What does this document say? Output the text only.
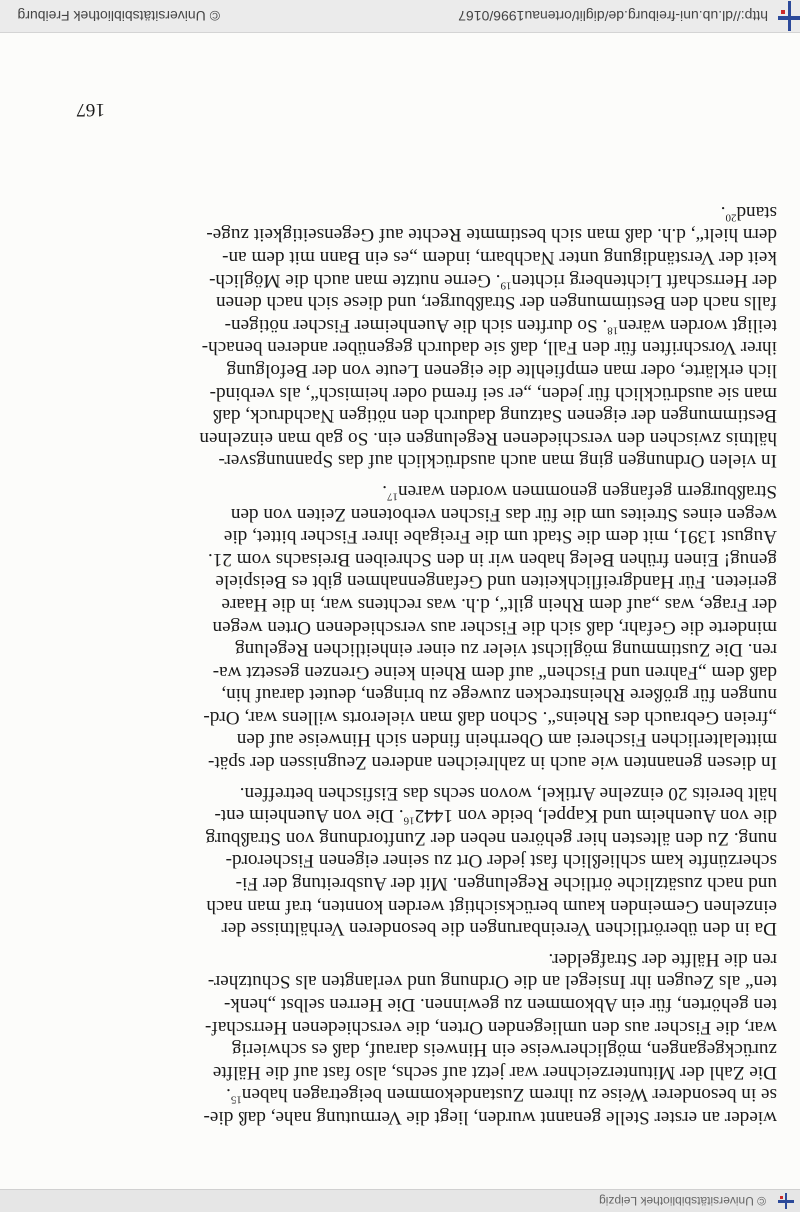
© Universitätsbibliothek Leipzig

wieder an erster Stelle genannt wurden, liegt die Vermutung nahe, daß die-
se in besonderer Weise zu ihrem Zustandekommen beigetragen haben$^{15}$.
Die Zahl der Mitunterzeichner war jetzt auf sechs, also fast auf die Hälfte
zurückgegangen, möglicherweise ein Hinweis darauf, daß es schwierig
war, die Fischer aus den umliegenden Orten, die verschiedenen Herrschaf-
ten gehörten, für ein Abkommen zu gewinnen. Die Herren selbst „henk-
ten“ als Zeugen ihr Insiegel an die Ordnung und verlangten als Schutzher-
ren die Hälfte der Strafgelder.

Da in den überörtlichen Vereinbarungen die besonderen Verhältnisse der
einzelnen Gemeinden kaum berücksichtigt werden konnten, traf man nach
und nach zusätzliche örtliche Regelungen. Mit der Ausbreitung der Fi-
scherzünfte kam schließlich fast jeder Ort zu seiner eigenen Fischerord-
nung. Zu den ältesten hier gehören neben der Zunftordnung von Straßburg
die von Auenheim und Kappel, beide von 1442$^{16}$. Die von Auenheim ent-
hält bereits 20 einzelne Artikel, wovon sechs das Eisfischen betreffen.

In diesen genannten wie auch in zahlreichen anderen Zeugnissen der spät-
mittelalterlichen Fischerei am Oberrhein finden sich Hinweise auf den
„freien Gebrauch des Rheins“. Schon daß man vielerorts willens war, Ord-
nungen für größere Rheinstrecken zuwege zu bringen, deutet darauf hin,
daß dem „Fahren und Fischen“ auf dem Rhein keine Grenzen gesetzt wa-
ren. Die Zustimmung möglichst vieler zu einer einheitlichen Regelung
minderte die Gefahr, daß sich die Fischer aus verschiedenen Orten wegen
der Frage, was „auf dem Rhein gilt“, d.h. was rechtens war, in die Haare
gerieten. Für Handgreiflichkeiten und Gefangennahmen gibt es Beispiele
genug! Einen frühen Beleg haben wir in den Schreiben Breisachs vom 21.
August 1391, mit dem die Stadt um die Freigabe ihrer Fischer bittet, die
wegen eines Streites um die für das Fischen verbotenen Zeiten von den
Straßburgern gefangen genommen worden waren$^{17}$.

In vielen Ordnungen ging man auch ausdrücklich auf das Spannungsver-
hältnis zwischen den verschiedenen Regelungen ein. So gab man einzelnen
Bestimmungen der eigenen Satzung dadurch den nötigen Nachdruck, daß
man sie ausdrücklich für jeden, „er sei fremd oder heimisch“, als verbind-
lich erklärte, oder man empfiehlte die eigenen Leute von der Befolgung
ihrer Vorschriften für den Fall, daß sie dadurch gegenüber anderen benach-
teiligt worden wären$^{18}$. So durften sich die Auenheimer Fischer nötigen-
falls nach den Bestimmungen der Straßburger, und diese sich nach denen
der Herrschaft Lichtenberg richten$^{19}$. Gerne nutzte man auch die Möglich-
keit der Verständigung unter Nachbarn, indem „es ein Bann mit dem an-
dern hielt“, d.h. daß man sich bestimmte Rechte auf Gegenseitigkeit zuge-
stand$^{20}$.

167
http://dl.ub.uni-freiburg.de/diglit/ortenau1996/0167
© Universitätsbibliothek Freiburg
